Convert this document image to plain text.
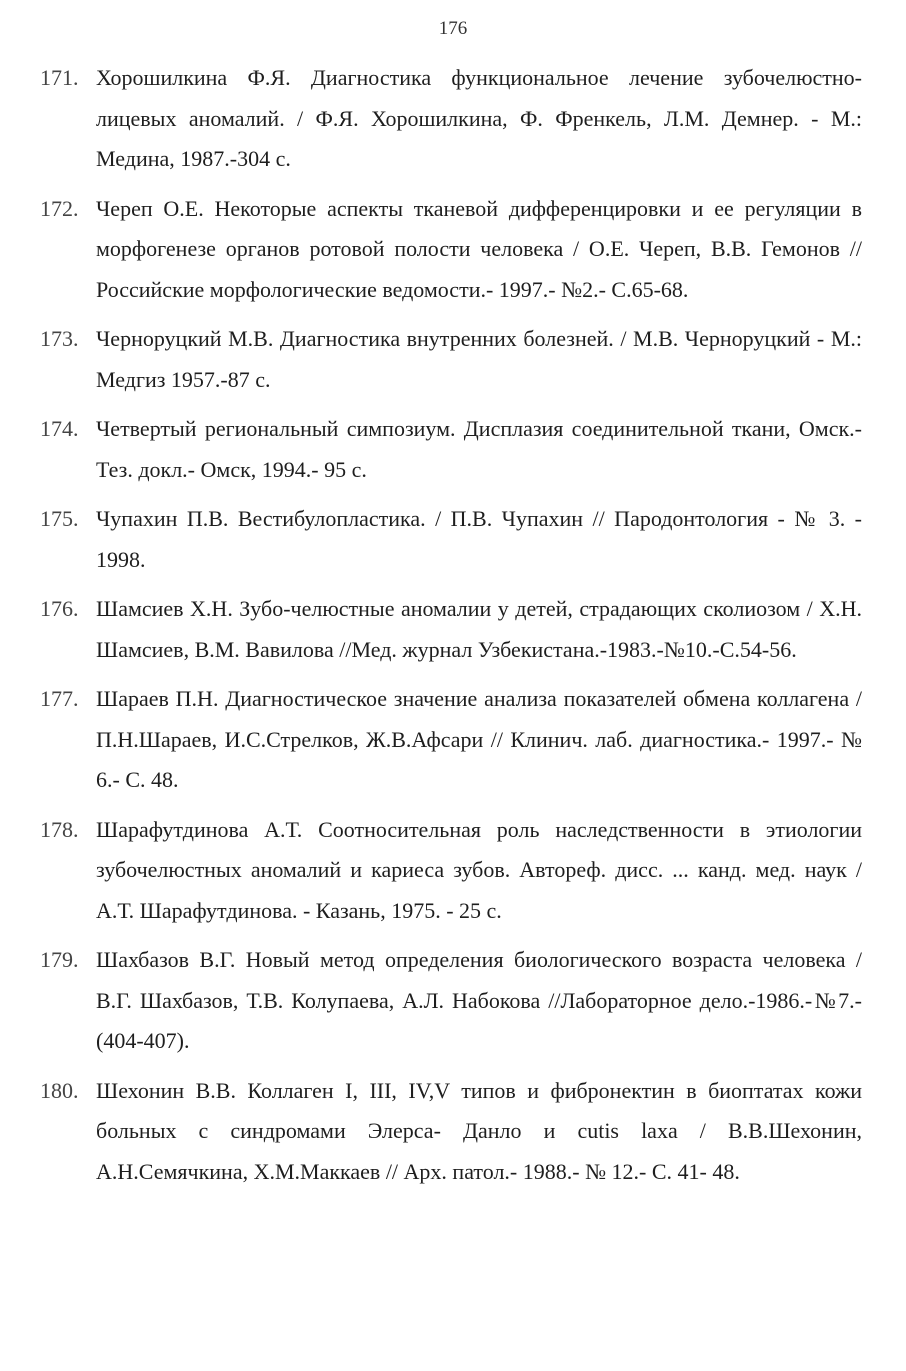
176
171. Хорошилкина Ф.Я. Диагностика функциональное лечение зубочелюстно-лицевых аномалий. / Ф.Я. Хорошилкина, Ф. Френкель, Л.М. Демнер. - М.: Медина, 1987.-304 с.
172. Череп О.Е. Некоторые аспекты тканевой дифференцировки и ее регуляции в морфогенезе органов ротовой полости человека / О.Е. Череп, В.В. Гемонов //Российские морфологические ведомости.- 1997.- №2.- С.65-68.
173. Черноруцкий М.В. Диагностика внутренних болезней. / М.В. Черноруцкий - М.: Медгиз 1957.-87 с.
174. Четвертый региональный симпозиум. Дисплазия соединительной ткани, Омск.- Тез. докл.- Омск, 1994.- 95 с.
175. Чупахин П.В. Вестибулопластика. / П.В. Чупахин // Пародонтология - № 3. - 1998.
176. Шамсиев Х.Н. Зубо-челюстные аномалии у детей, страдающих сколиозом / Х.Н. Шамсиев, В.М. Вавилова //Мед. журнал Узбекистана.-1983.-№10.-С.54-56.
177. Шараев П.Н. Диагностическое значение анализа показателей обмена коллагена / П.Н.Шараев, И.С.Стрелков, Ж.В.Афсари // Клинич. лаб. диагностика.- 1997.- № 6.- С. 48.
178. Шарафутдинова А.Т. Соотносительная роль наследственности в этиологии зубочелюстных аномалий и кариеса зубов. Автореф. дисс. ... канд. мед. наук / А.Т. Шарафутдинова. - Казань, 1975. - 25 с.
179. Шахбазов В.Г. Новый метод определения биологического возраста человека / В.Г. Шахбазов, Т.В. Колупаева, А.Л. Набокова //Лабораторное дело.-1986.-№7.- (404-407).
180. Шехонин В.В. Коллаген I, III, IV,V типов и фибронектин в биоптатах кожи больных с синдромами Элерса- Данло и cutis laxa / В.В.Шехонин, А.Н.Семячкина, Х.М.Маккаев // Арх. патол.- 1988.- № 12.- С. 41- 48.
